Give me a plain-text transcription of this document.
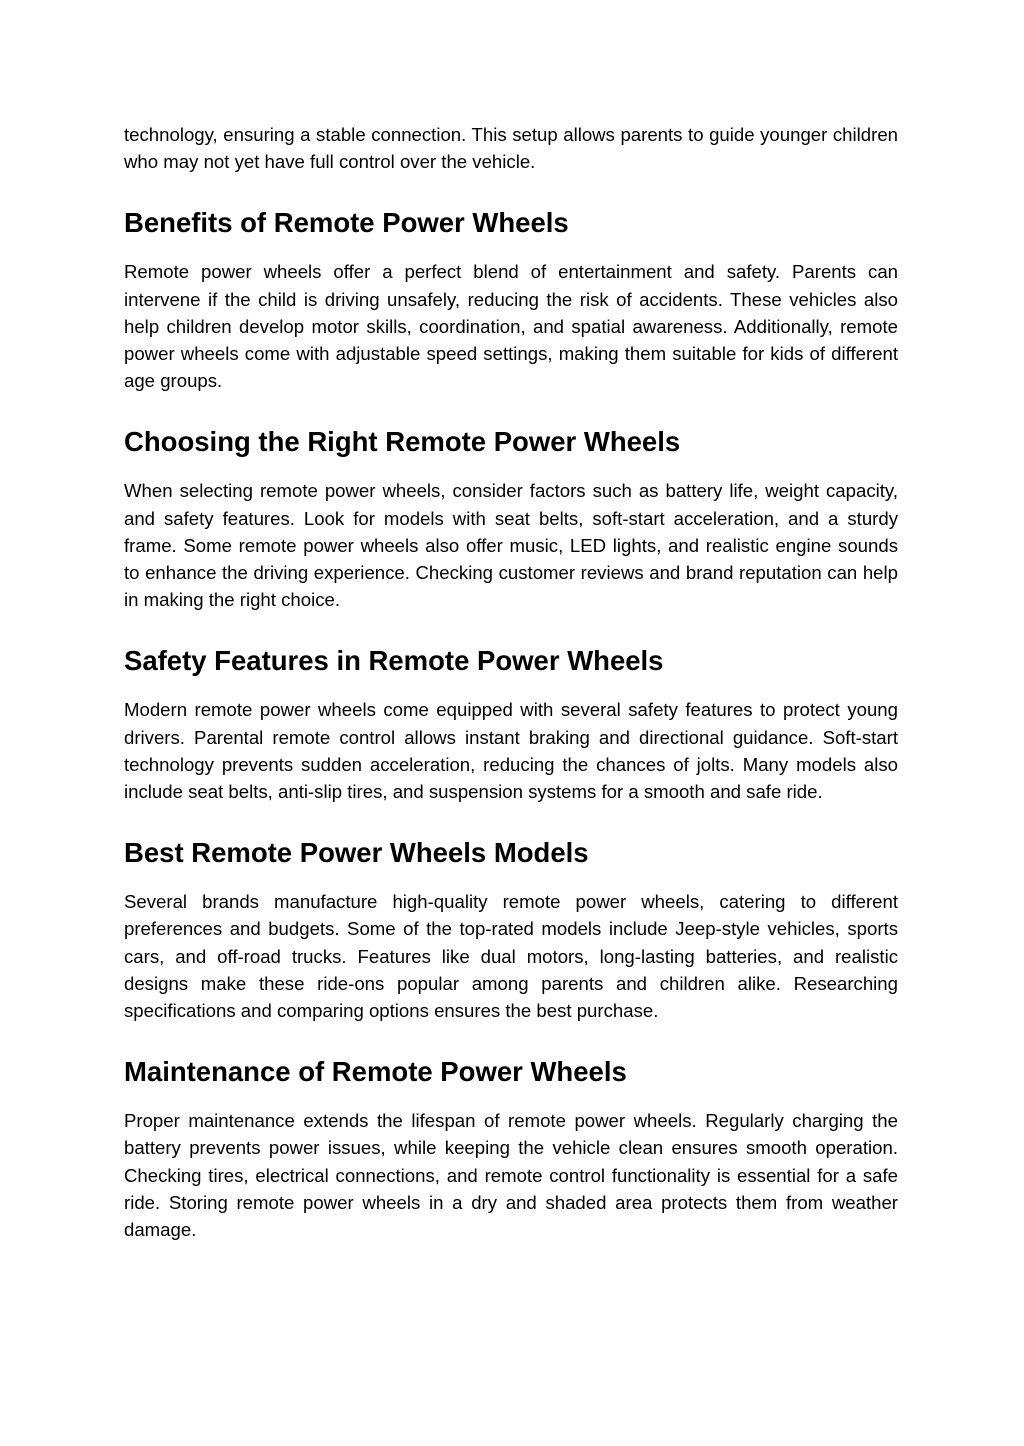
technology, ensuring a stable connection. This setup allows parents to guide younger children who may not yet have full control over the vehicle.

Benefits of Remote Power Wheels

Remote power wheels offer a perfect blend of entertainment and safety. Parents can intervene if the child is driving unsafely, reducing the risk of accidents. These vehicles also help children develop motor skills, coordination, and spatial awareness. Additionally, remote power wheels come with adjustable speed settings, making them suitable for kids of different age groups.

Choosing the Right Remote Power Wheels

When selecting remote power wheels, consider factors such as battery life, weight capacity, and safety features. Look for models with seat belts, soft-start acceleration, and a sturdy frame. Some remote power wheels also offer music, LED lights, and realistic engine sounds to enhance the driving experience. Checking customer reviews and brand reputation can help in making the right choice.

Safety Features in Remote Power Wheels

Modern remote power wheels come equipped with several safety features to protect young drivers. Parental remote control allows instant braking and directional guidance. Soft-start technology prevents sudden acceleration, reducing the chances of jolts. Many models also include seat belts, anti-slip tires, and suspension systems for a smooth and safe ride.

Best Remote Power Wheels Models

Several brands manufacture high-quality remote power wheels, catering to different preferences and budgets. Some of the top-rated models include Jeep-style vehicles, sports cars, and off-road trucks. Features like dual motors, long-lasting batteries, and realistic designs make these ride-ons popular among parents and children alike. Researching specifications and comparing options ensures the best purchase.

Maintenance of Remote Power Wheels

Proper maintenance extends the lifespan of remote power wheels. Regularly charging the battery prevents power issues, while keeping the vehicle clean ensures smooth operation. Checking tires, electrical connections, and remote control functionality is essential for a safe ride. Storing remote power wheels in a dry and shaded area protects them from weather damage.
